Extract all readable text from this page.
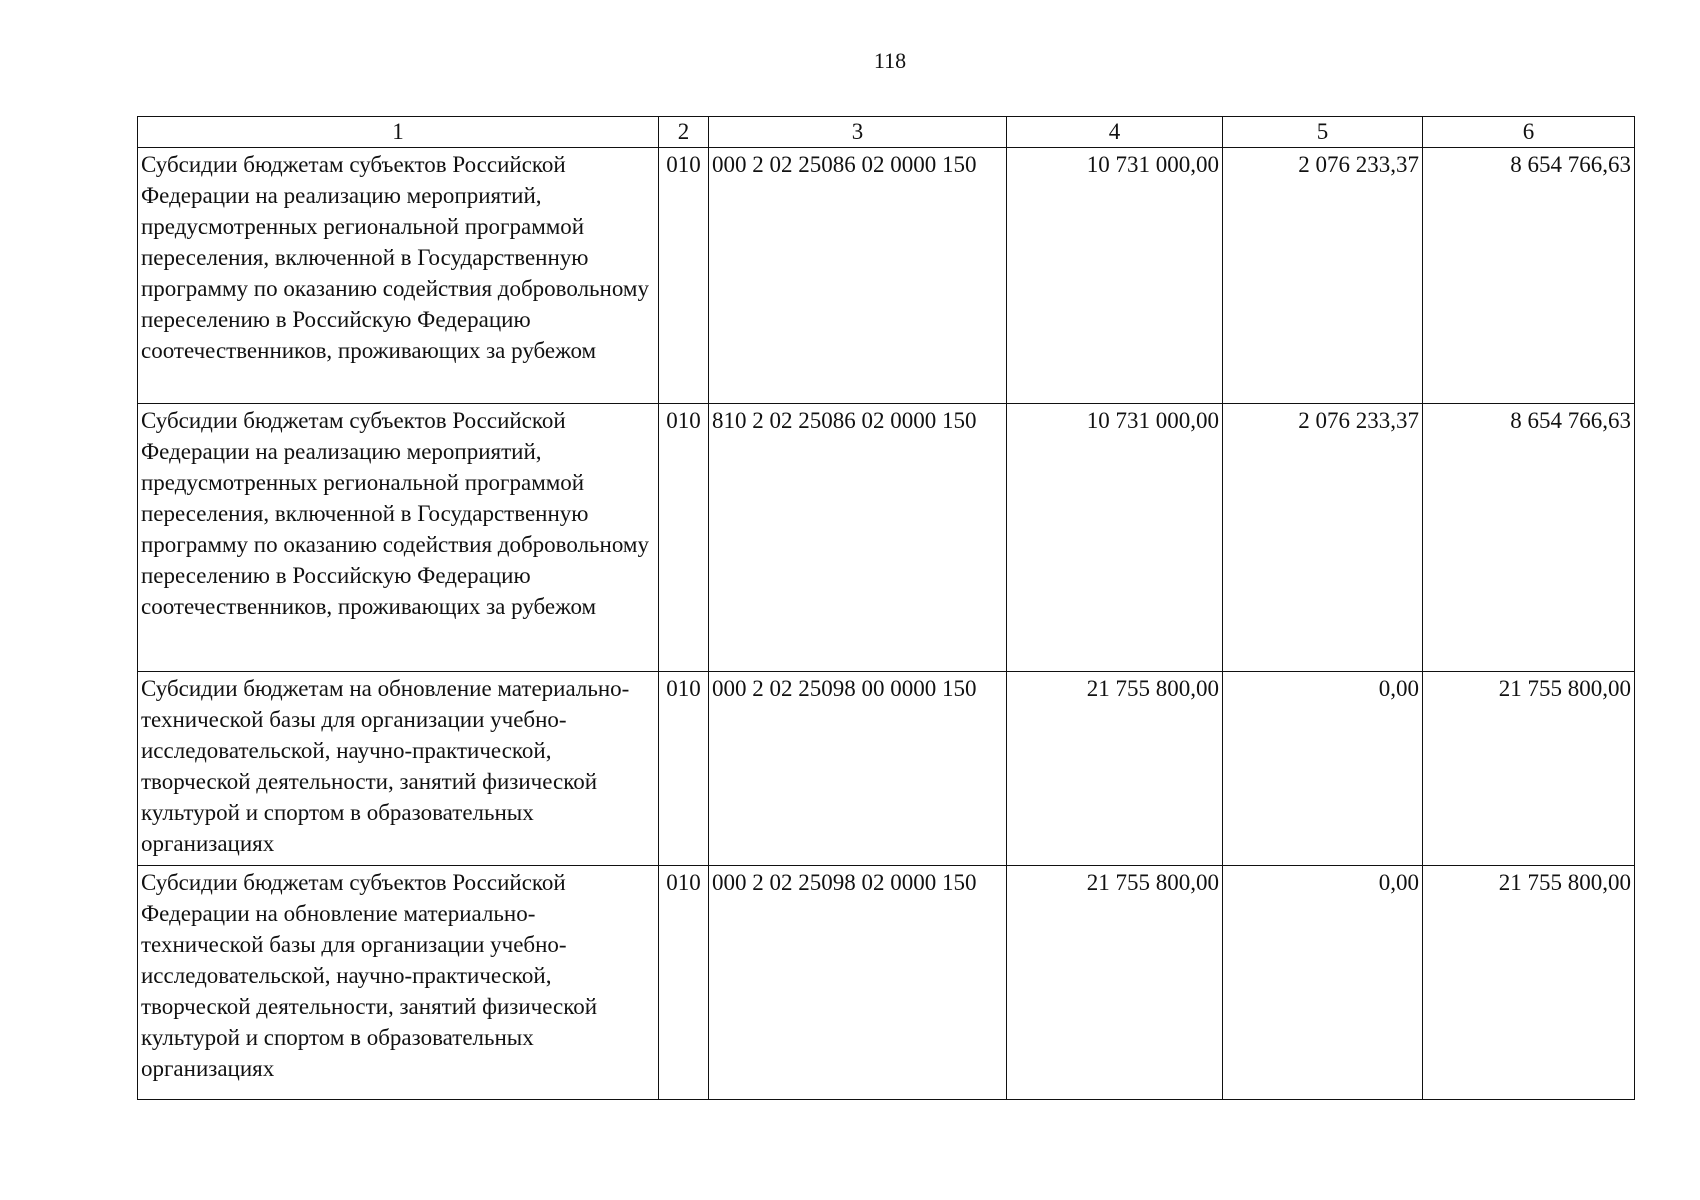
118
1	2	3	4	5	6
Субсидии бюджетам субъектов Российской Федерации на реализацию мероприятий, предусмотренных региональной программой переселения, включенной в Государственную программу по оказанию содействия добровольному переселению в Российскую Федерацию соотечественников, проживающих за рубежом	010	000 2 02 25086 02 0000 150	10 731 000,00	2 076 233,37	8 654 766,63
Субсидии бюджетам субъектов Российской Федерации на реализацию мероприятий, предусмотренных региональной программой переселения, включенной в Государственную программу по оказанию содействия добровольному переселению в Российскую Федерацию соотечественников, проживающих за рубежом	010	810 2 02 25086 02 0000 150	10 731 000,00	2 076 233,37	8 654 766,63
Субсидии бюджетам на обновление материально-технической базы для организации учебно-исследовательской, научно-практической, творческой деятельности, занятий физической культурой и спортом в образовательных организациях	010	000 2 02 25098 00 0000 150	21 755 800,00	0,00	21 755 800,00
Субсидии бюджетам субъектов Российской Федерации на обновление материально-технической базы для организации учебно-исследовательской, научно-практической, творческой деятельности, занятий физической культурой и спортом в образовательных организациях	010	000 2 02 25098 02 0000 150	21 755 800,00	0,00	21 755 800,00
